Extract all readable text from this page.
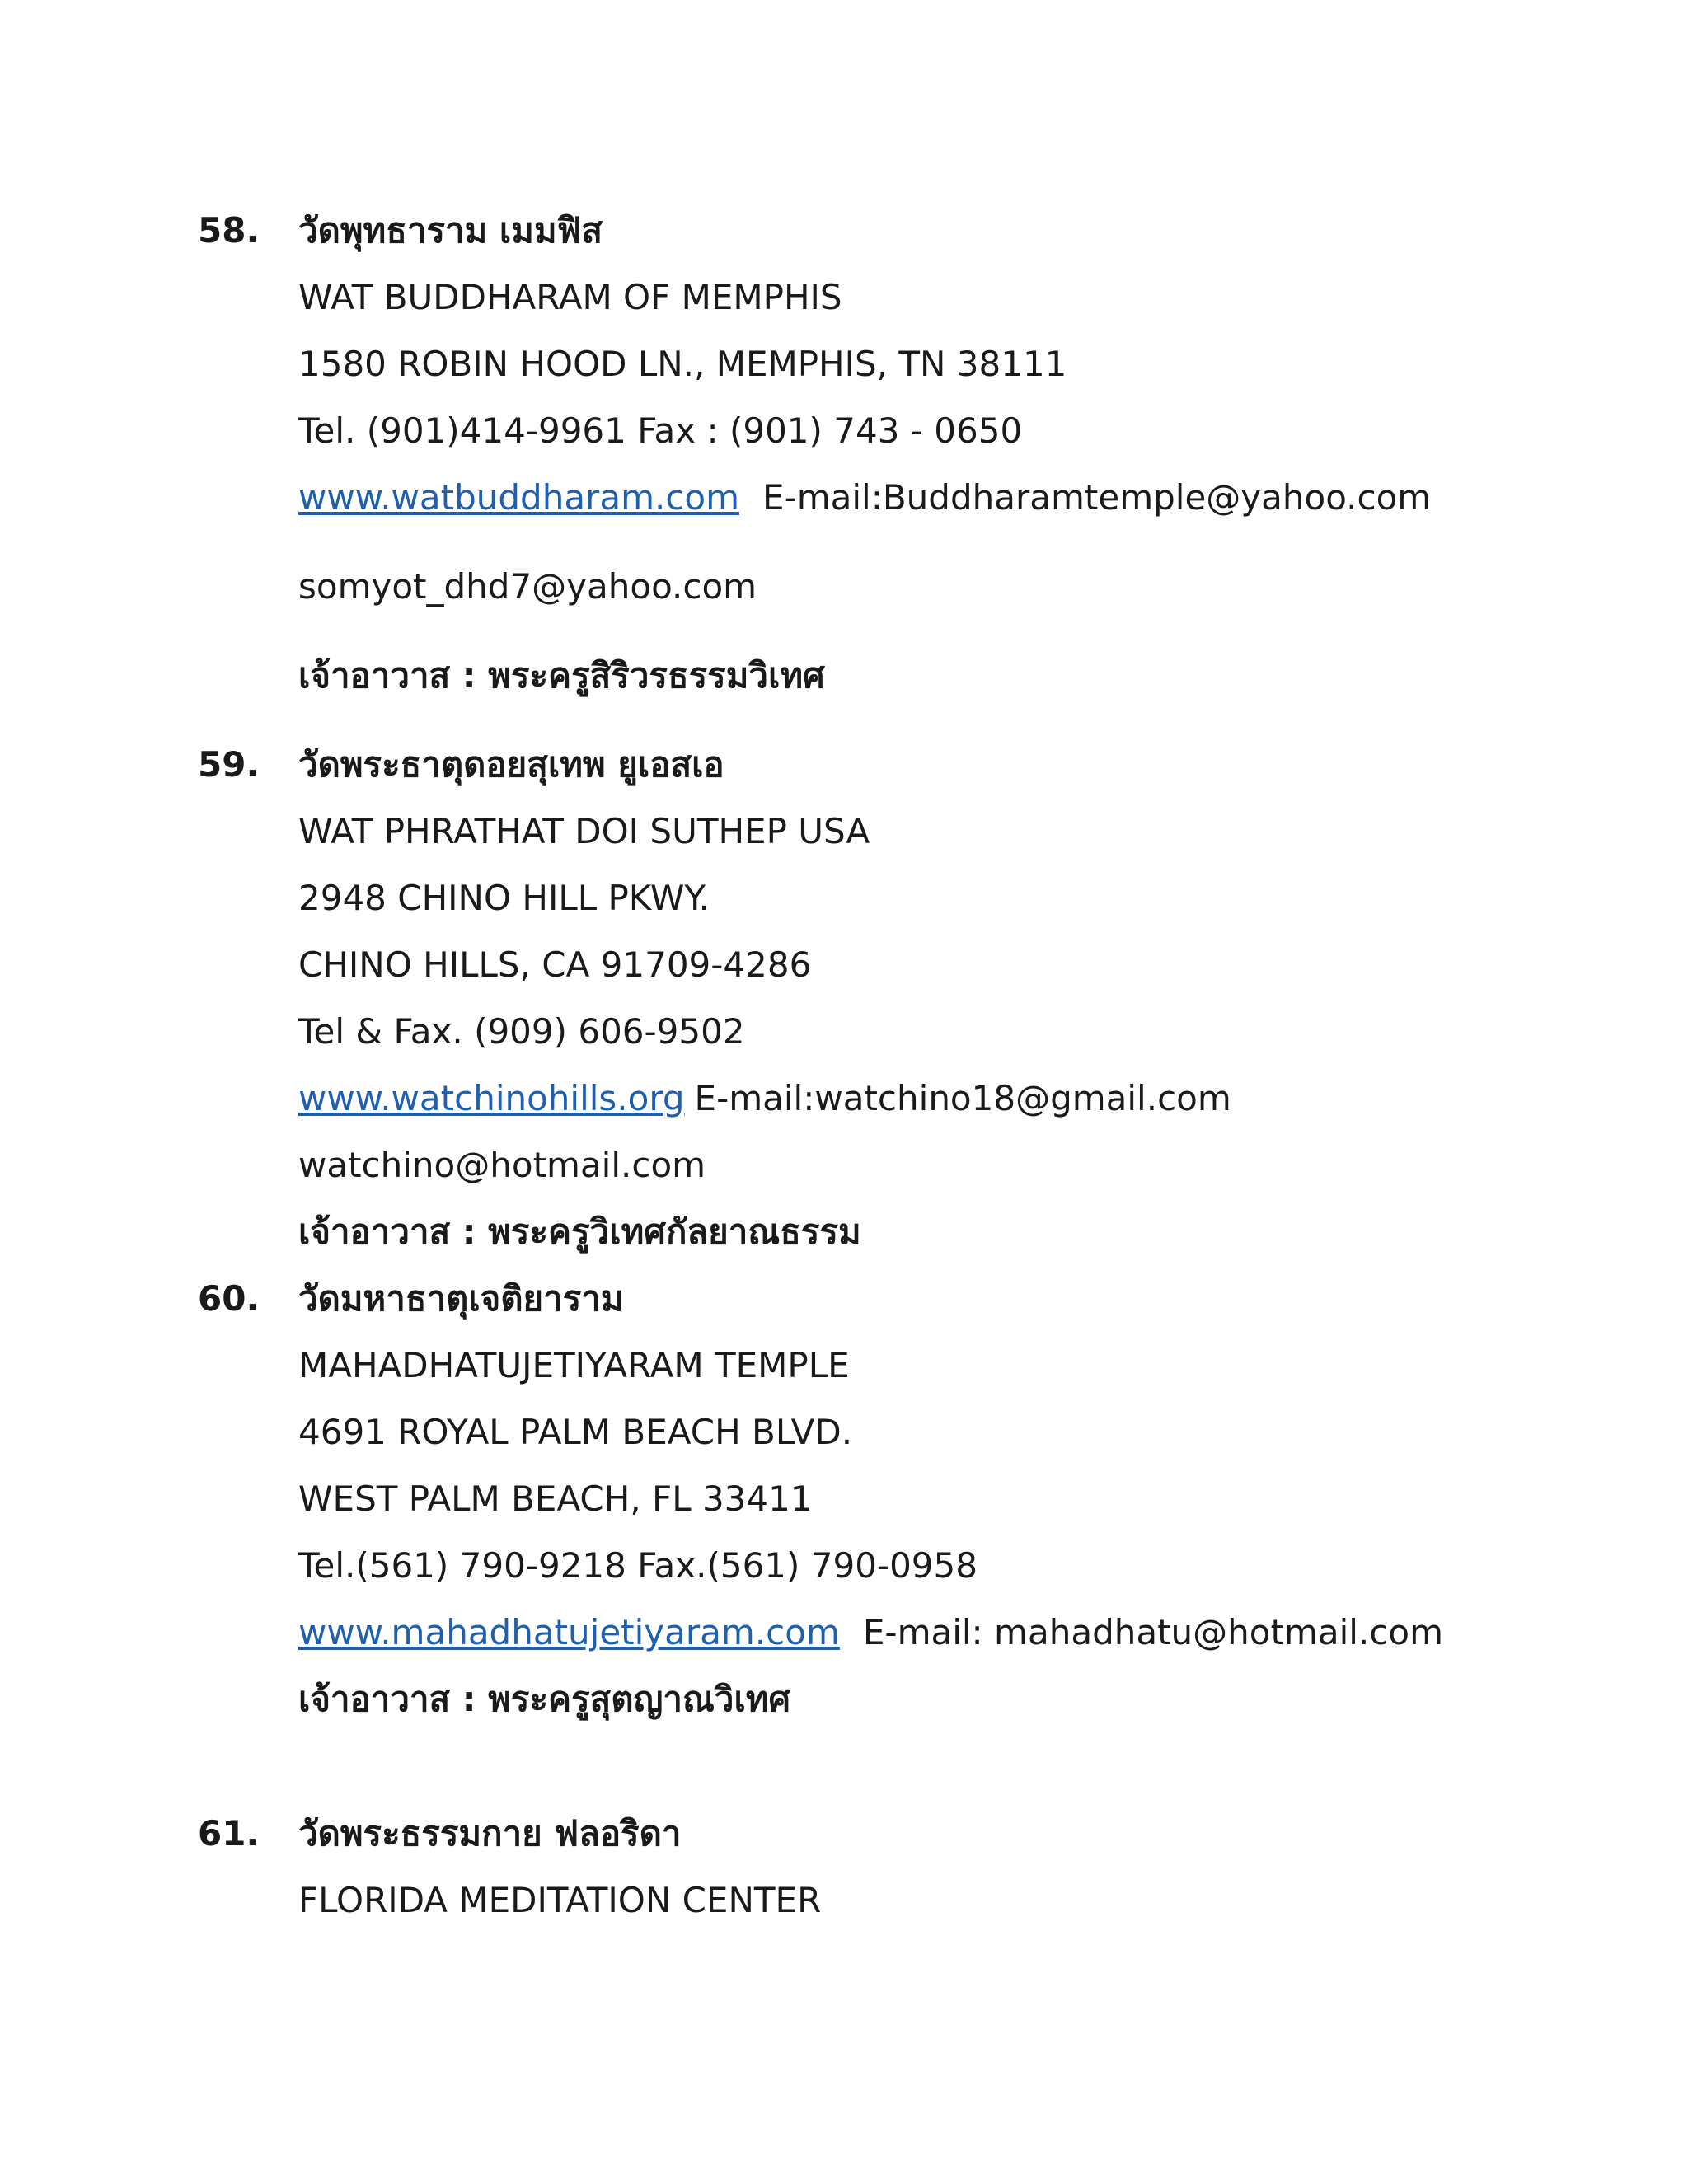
58. วัดพุทธาราม เมมฟิส
WAT BUDDHARAM OF MEMPHIS
1580 ROBIN HOOD LN., MEMPHIS, TN 38111
Tel. (901)414-9961 Fax : (901) 743 - 0650
www.watbuddharam.com E-mail:Buddharamtemple@yahoo.com
somyot_dhd7@yahoo.com
เจ้าอาวาส : พระครูสิริวรธรรมวิเทศ
59. วัดพระธาตุดอยสุเทพ ยูเอสเอ
WAT PHRATHAT DOI SUTHEP USA
2948 CHINO HILL PKWY.
CHINO HILLS, CA 91709-4286
Tel & Fax. (909) 606-9502
www.watchinohills.org E-mail:watchino18@gmail.com
watchino@hotmail.com
เจ้าอาวาส : พระครูวิเทศกัลยาณธรรม
60. วัดมหาธาตุเจติยาราม
MAHADHATUJETIYARAM TEMPLE
4691 ROYAL PALM BEACH BLVD.
WEST PALM BEACH, FL 33411
Tel.(561) 790-9218 Fax.(561) 790-0958
www.mahadhatujetiyaram.com E-mail: mahadhatu@hotmail.com
เจ้าอาวาส : พระครูสุตญาณวิเทศ
61. วัดพระธรรมกาย ฟลอริดา
FLORIDA MEDITATION CENTER
